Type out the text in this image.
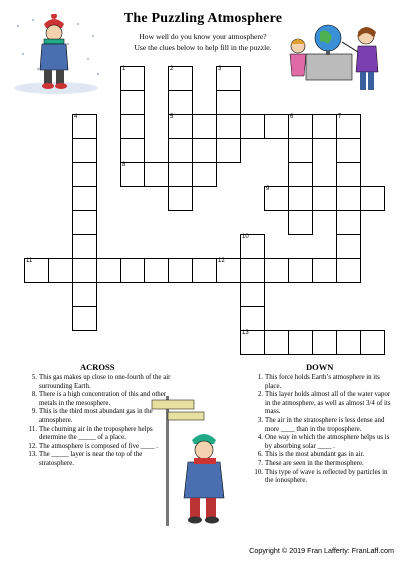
The Puzzling Atmosphere
How well do you know your atmosphere?
Use the clues below to help fill in the puzzle.
1	2
5
3
4	6	7
8
9
10
13
11	12
ACROSS
5. This gas makes up close to one-fourth of the air surrounding Earth.
8. There is a high concentration of this and other metals in the mesosphere.
9. This is the third most abundant gas in the atmosphere.
11. The churning air in the troposphere helps determine the _____ of a place.
12. The atmosphere is composed of five ____ .
13. The _____ layer is near the top of the stratosphere.
DOWN
1. This force holds Earth’s atmosphere in its place.
2. This layer holds almost all of the water vapor in the atmosphere, as well as almost 3/4 of its mass.
3. The air in the stratosphere is less dense and more ____ than in the troposphere.
4. One way in which the atmosphere helps us is by absorbing solar ____ .
6. This is the most abundant gas in air.
7. These are seen in the thermosphere.
10. This type of wave is reflected by particles in the ionosphere.
Copyright © 2019 Fran Lafferty: FranLaff.com
